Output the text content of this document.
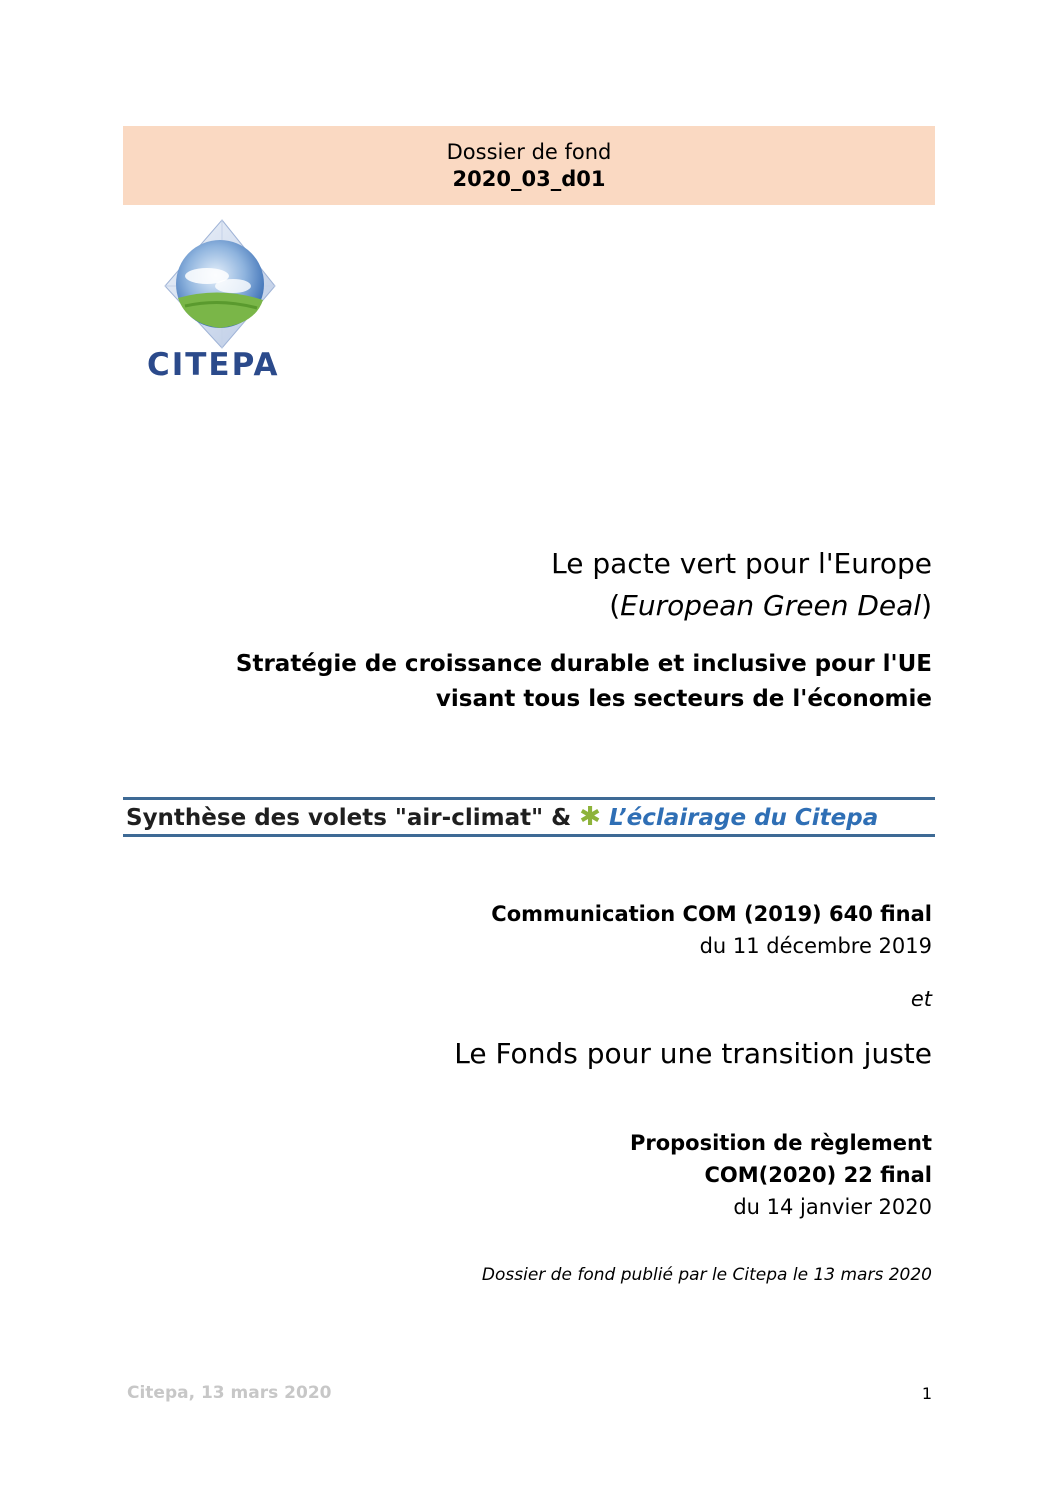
Dossier de fond
2020_03_d01
CITEPA
Le pacte vert pour l'Europe
(European Green Deal)
Stratégie de croissance durable et inclusive pour l'UE
visant tous les secteurs de l'économie
Synthèse des volets "air-climat" & ✱ L’éclairage du Citepa
Communication COM (2019) 640 final
du 11 décembre 2019
et
Le Fonds pour une transition juste
Proposition de règlement
COM(2020) 22 final
du 14 janvier 2020
Dossier de fond publié par le Citepa le 13 mars 2020
Citepa, 13 mars 2020	1
